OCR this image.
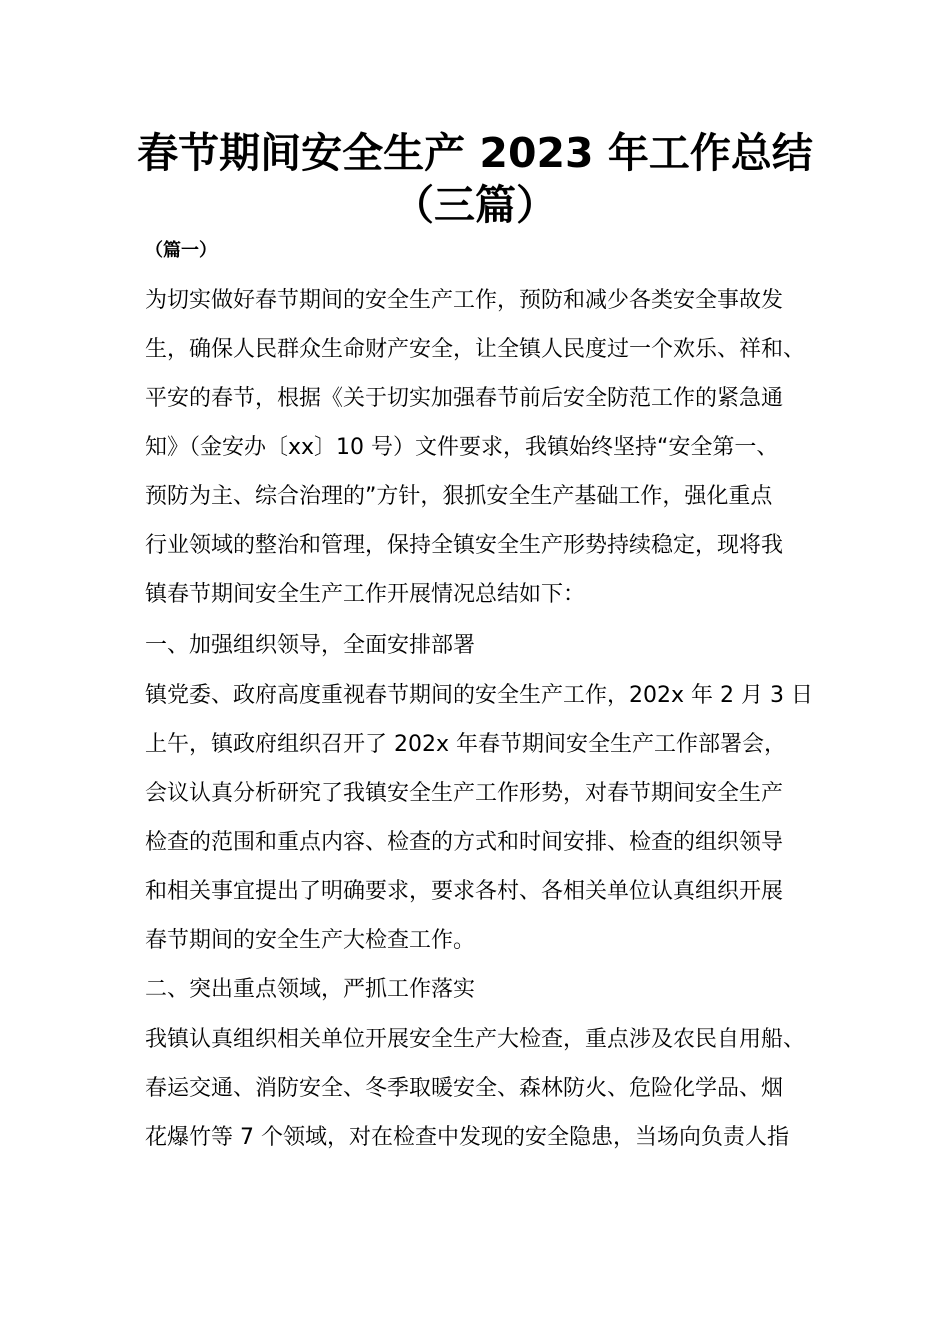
春节期间安全生产 2023 年工作总结
（三篇）
（篇一）
为切实做好春节期间的安全生产工作，预防和减少各类安全事故发
生，确保人民群众生命财产安全，让全镇人民度过一个欢乐、祥和、
平安的春节，根据《关于切实加强春节前后安全防范工作的紧急通
知》（金安办〔xx〕10 号）文件要求，我镇始终坚持“安全第一、
预防为主、综合治理的”方针，狠抓安全生产基础工作，强化重点
行业领域的整治和管理，保持全镇安全生产形势持续稳定，现将我
镇春节期间安全生产工作开展情况总结如下：
一、加强组织领导，全面安排部署
镇党委、政府高度重视春节期间的安全生产工作，202x 年 2 月 3 日
上午，镇政府组织召开了 202x 年春节期间安全生产工作部署会，
会议认真分析研究了我镇安全生产工作形势，对春节期间安全生产
检查的范围和重点内容、检查的方式和时间安排、检查的组织领导
和相关事宜提出了明确要求，要求各村、各相关单位认真组织开展
春节期间的安全生产大检查工作。
二、突出重点领域，严抓工作落实
我镇认真组织相关单位开展安全生产大检查，重点涉及农民自用船、
春运交通、消防安全、冬季取暖安全、森林防火、危险化学品、烟
花爆竹等 7 个领域，对在检查中发现的安全隐患，当场向负责人指
